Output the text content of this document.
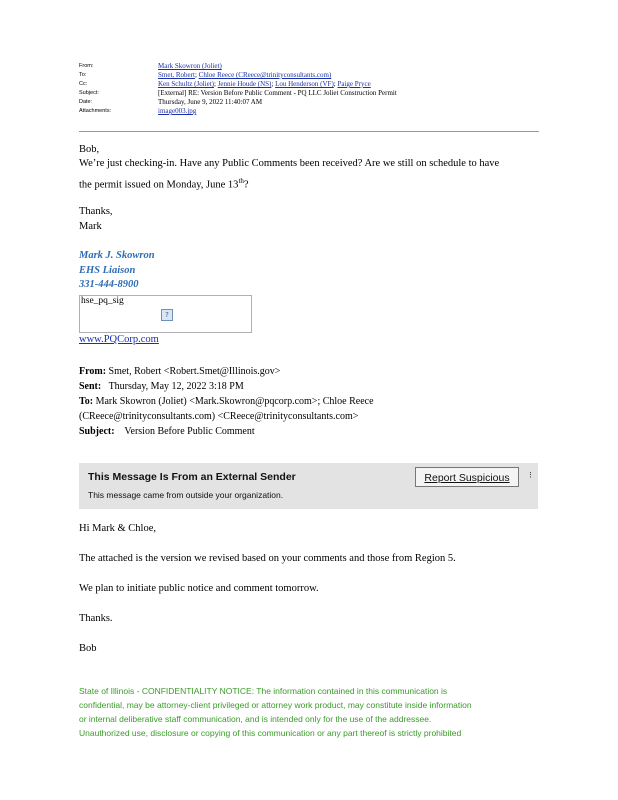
From:	Mark Skowron (Joliet)
To:	Smet, Robert; Chloe Reece (CReece@trinityconsultants.com)
Cc:	Ken Schultz (Joliet); Jennie Houde (NS); Lou Henderson (VF); Paige Pryce
Subject:	[External] RE: Version Before Public Comment - PQ LLC Joliet Construction Permit
Date:	Thursday, June 9, 2022 11:40:07 AM
Attachments:	image003.jpg
Bob,
We’re just checking-in. Have any Public Comments been received? Are we still on schedule to have
the permit issued on Monday, June 13th?
Thanks,
Mark
Mark J. Skowron
EHS Liaison
331-444-8900
hse_pq_sig
?
www.PQCorp.com
From: Smet, Robert <Robert.Smet@Illinois.gov>
Sent: Thursday, May 12, 2022 3:18 PM
To: Mark Skowron (Joliet) <Mark.Skowron@pqcorp.com>; Chloe Reece
(CReece@trinityconsultants.com) <CReece@trinityconsultants.com>
Subject: Version Before Public Comment
This Message Is From an External Sender
This message came from outside your organization.
Report Suspicious	⁝
Hi Mark & Chloe,
The attached is the version we revised based on your comments and those from Region 5.
We plan to initiate public notice and comment tomorrow.
Thanks.
Bob
State of Illinois - CONFIDENTIALITY NOTICE: The information contained in this communication is
confidential, may be attorney-client privileged or attorney work product, may constitute inside information
or internal deliberative staff communication, and is intended only for the use of the addressee.
Unauthorized use, disclosure or copying of this communication or any part thereof is strictly prohibited
